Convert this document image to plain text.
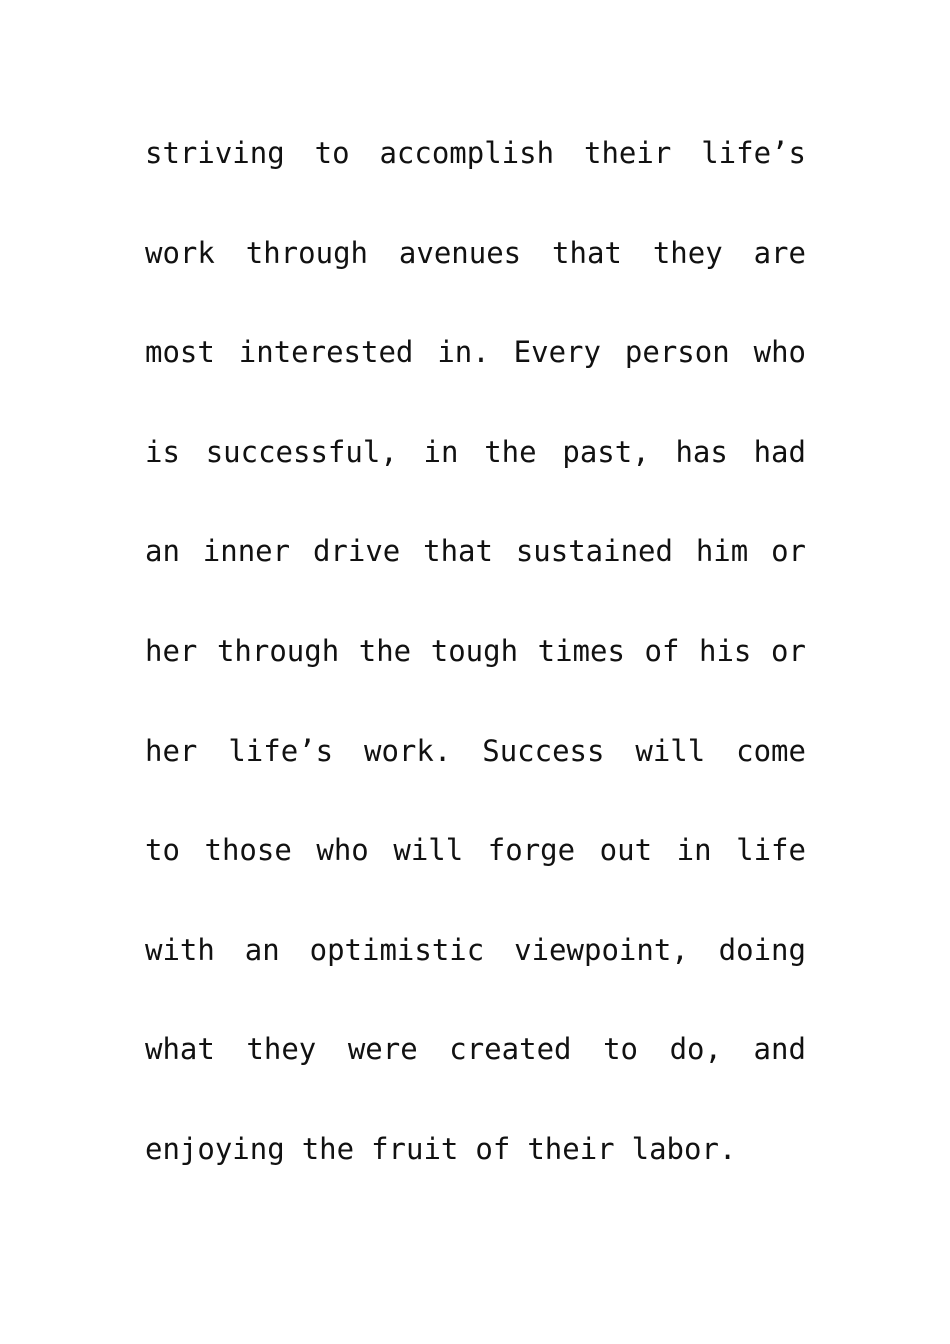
striving to accomplish their life’s
work through avenues that they are
most interested in. Every person who
is successful, in the past, has had
an inner drive that sustained him or
her through the tough times of his or
her life’s work. Success will come
to those who will forge out in life
with an optimistic viewpoint, doing
what they were created to do, and
enjoying the fruit of their labor.
